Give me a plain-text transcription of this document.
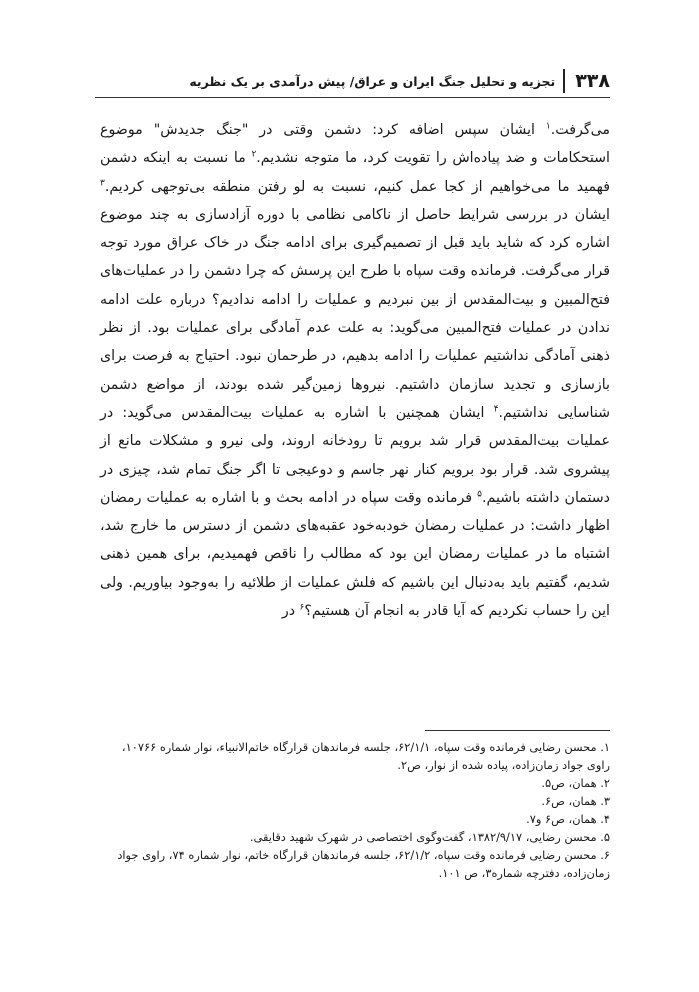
۳۳۸
تجزیه و تحلیل جنگ ایران و عراق/ پیش درآمدی بر یک نظریه

می‌گرفت.$^۱$ ایشان سپس اضافه کرد: دشمن وقتی در "جنگ جدیدش" موضوع استحکامات و ضد پیاده‌اش را تقویت کرد، ما متوجه نشدیم.$^۲$ ما نسبت به اینکه دشمن فهمید ما می‌خواهیم از کجا عمل کنیم، نسبت به لو رفتن منطقه بی‌توجهی کردیم.$^۳$ ایشان در بررسی شرایط حاصل از ناکامی نظامی با دوره آزادسازی به چند موضوع اشاره کرد که شاید باید قبل از تصمیم‌گیری برای ادامه جنگ در خاک عراق مورد توجه قرار می‌گرفت. فرمانده وقت سپاه با طرح این پرسش که چرا دشمن را در عملیات‌های فتح‌المبین و بیت‌المقدس از بین نبردیم و عملیات را ادامه ندادیم؟ درباره علت ادامه ندادن در عملیات فتح‌المبین می‌گوید: به علت عدم آمادگی برای عملیات بود. از نظر ذهنی آمادگی نداشتیم عملیات را ادامه بدهیم، در طرحمان نبود. احتیاج به فرصت برای بازسازی و تجدید سازمان داشتیم. نیروها زمین‌گیر شده بودند، از مواضع دشمن شناسایی نداشتیم.$^۴$ ایشان همچنین با اشاره به عملیات بیت‌المقدس می‌گوید: در عملیات بیت‌المقدس قرار شد برویم تا رودخانه اروند، ولی نیرو و مشکلات مانع از پیشروی شد. قرار بود برویم کنار نهر جاسم و دوعیجی تا اگر جنگ تمام شد، چیزی در دستمان داشته باشیم.$^۵$ فرمانده وقت سپاه در ادامه بحث و با اشاره به عملیات رمضان اظهار داشت: در عملیات رمضان خودبه‌خود عقبه‌های دشمن از دسترس ما خارج شد، اشتباه ما در عملیات رمضان این بود که مطالب را ناقص فهمیدیم، برای همین ذهنی شدیم، گفتیم باید به‌دنبال این باشیم که فلش عملیات از طلائیه را به‌وجود بیاوریم. ولی این را حساب نکردیم که آیا قادر به انجام آن هستیم؟$^۶$ در

۱. محسن رضایی فرمانده وقت سپاه، ۶۲/۱/۱، جلسه فرماندهان قرارگاه خاتم‌الانبیاء، نوار شماره ۱۰۷۶۶، راوی جواد زمان‌زاده، پیاده شده از نوار، ص۲.
۲. همان، ص۵.
۳. همان، ص۶.
۴. همان، ص۶ و۷.
۵. محسن رضایی، ۱۳۸۲/۹/۱۷، گفت‌وگوی اختصاصی در شهرک شهید دقایقی.
۶. محسن رضایی فرمانده وقت سپاه، ۶۲/۱/۲، جلسه فرماندهان قرارگاه خاتم، نوار شماره ۷۴، راوی جواد زمان‌زاده، دفترچه شماره۳، ص ۱۰۱.
